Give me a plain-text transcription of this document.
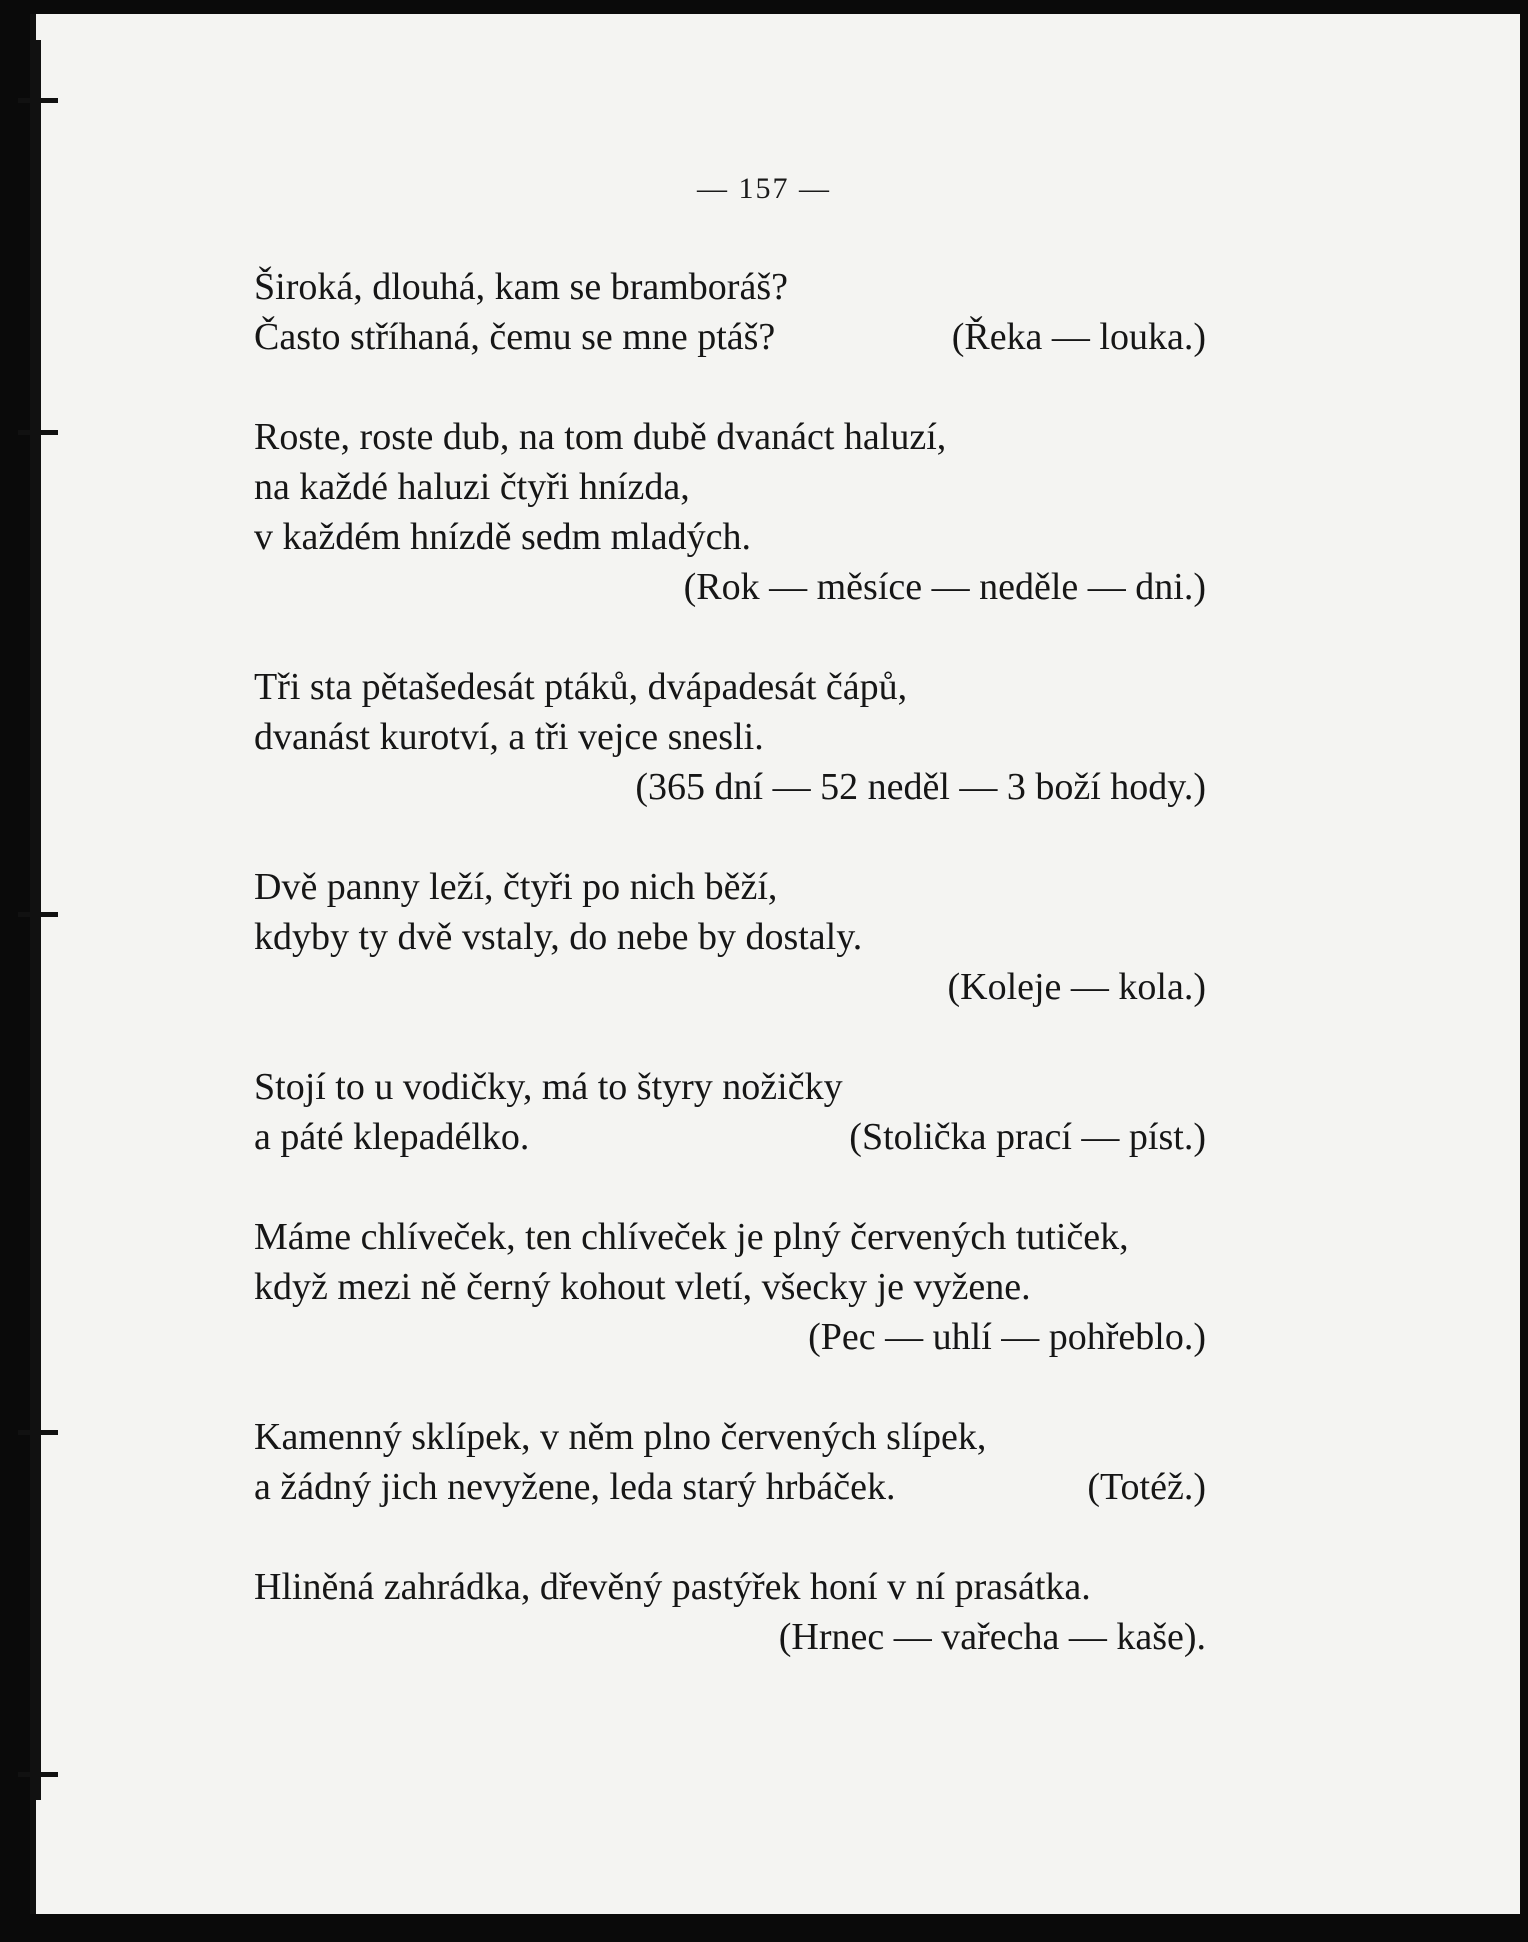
— 157 —
Široká, dlouhá, kam se bramboráš?
Často stříhaná, čemu se mne ptáš?	(Řeka — louka.)
Roste, roste dub, na tom dubě dvanáct haluzí,
na každé haluzi čtyři hnízda,
v každém hnízdě sedm mladých.
(Rok — měsíce — neděle — dni.)
Tři sta pětašedesát ptáků, dvápadesát čápů,
dvanást kurotví, a tři vejce snesli.
(365 dní — 52 neděl — 3 boží hody.)
Dvě panny leží, čtyři po nich běží,
kdyby ty dvě vstaly, do nebe by dostaly.
(Koleje — kola.)
Stojí to u vodičky, má to štyry nožičky
a páté klepadélko.	(Stolička prací — píst.)
Máme chlíveček, ten chlíveček je plný červených tutiček,
když mezi ně černý kohout vletí, všecky je vyžene.
(Pec — uhlí — pohřeblo.)
Kamenný sklípek, v něm plno červených slípek,
a žádný jich nevyžene, leda starý hrbáček.	(Totéž.)
Hliněná zahrádka, dřevěný pastýřek honí v ní prasátka.
(Hrnec — vařecha — kaše).
